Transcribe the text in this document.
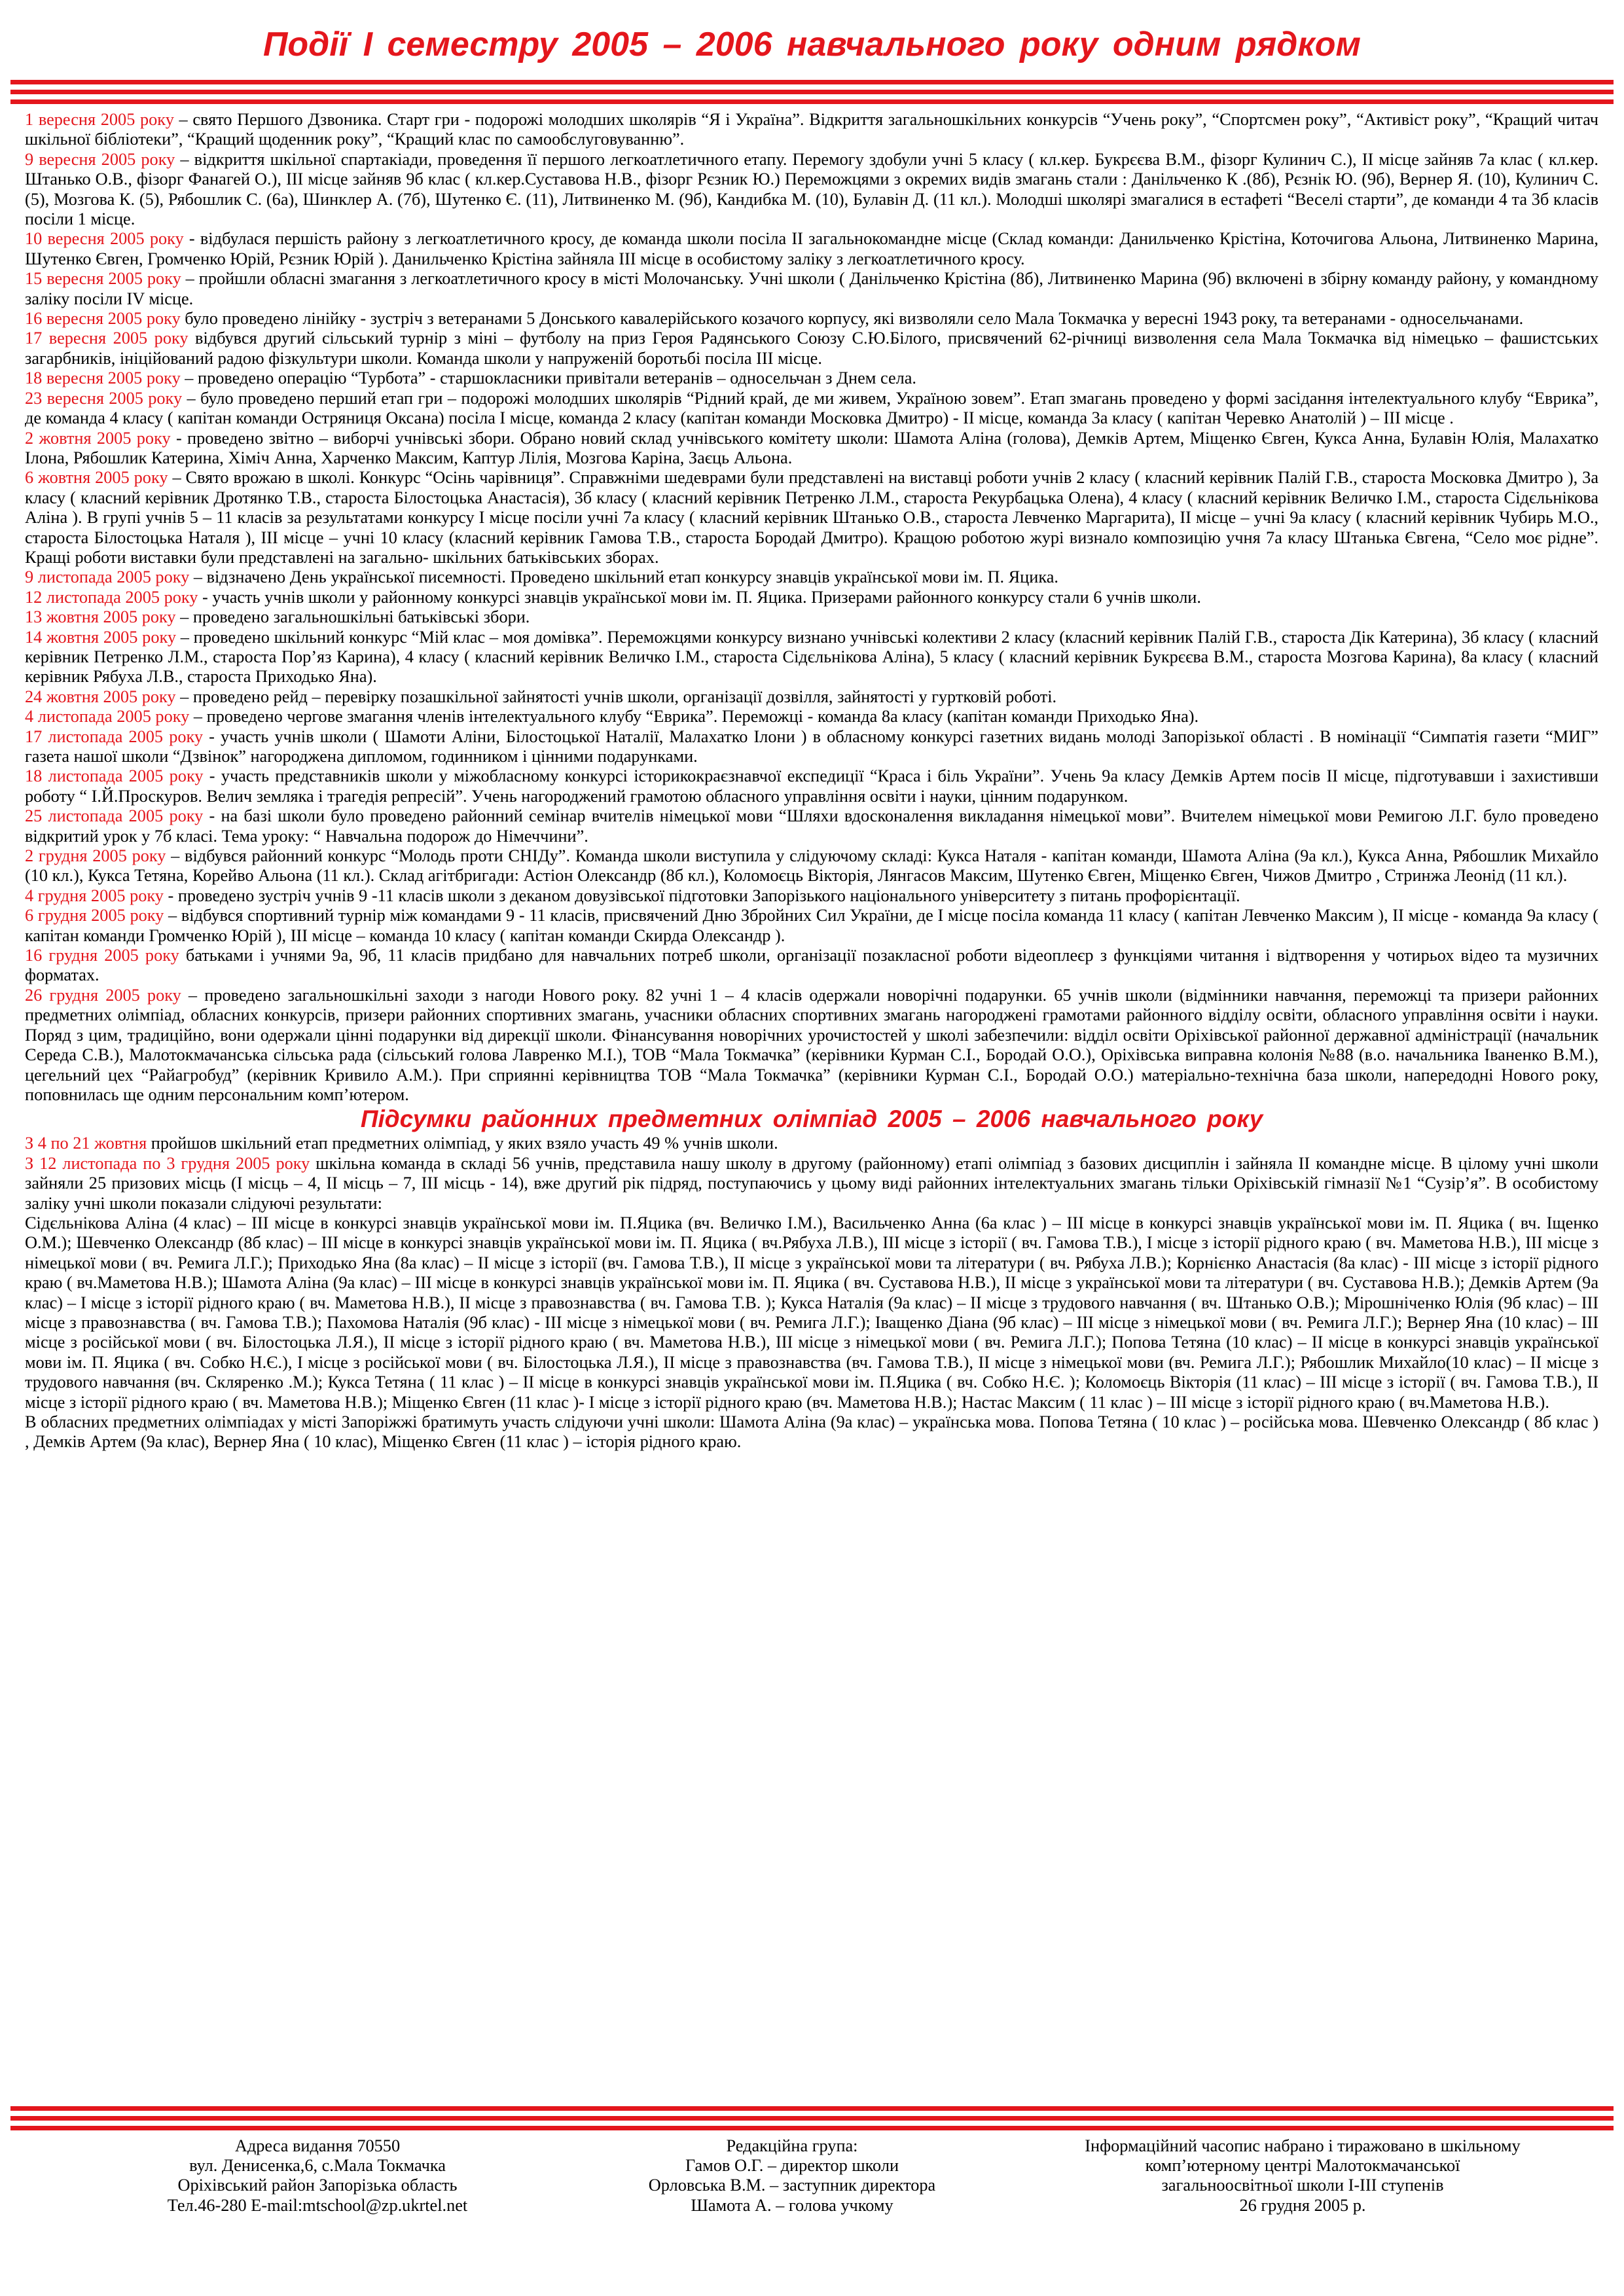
Події І семестру 2005 – 2006 навчального року одним рядком

1 вересня 2005 року – свято Першого Дзвоника. Старт гри - подорожі молодших школярів “Я і Україна”. Відкриття загальношкільних конкурсів “Учень року”, “Спортсмен року”, “Активіст року”, “Кращий читач шкільної бібліотеки”, “Кращий щоденник року”, “Кращий клас по самообслуговуванню”.

9 вересня 2005 року – відкриття шкільної спартакіади, проведення її першого легкоатлетичного етапу. Перемогу здобули учні 5 класу ( кл.кер. Букрєєва В.М., фізорг Кулинич С.), ІІ місце зайняв 7а клас ( кл.кер. Штанько О.В., фізорг Фанагей О.), ІІІ місце зайняв 9б клас ( кл.кер.Суставова Н.В., фізорг Рєзник Ю.) Переможцями з окремих видів змагань стали : Данільченко К .(8б), Рєзнік Ю. (9б), Вернер Я. (10), Кулинич С. (5), Мозгова К. (5), Рябошлик С. (6а), Шинклер А. (7б), Шутенко Є. (11), Литвиненко М. (9б), Кандибка М. (10), Булавін Д. (11 кл.). Молодші школярі змагалися в естафеті “Веселі старти”, де команди 4 та 3б класів посіли 1 місце.

10 вересня 2005 року - відбулася першість району з легкоатлетичного кросу, де команда школи посіла ІІ загальнокомандне місце (Склад команди: Данильченко Крістіна, Коточигова Альона, Литвиненко Марина, Шутенко Євген, Громченко Юрій, Рєзник Юрій ). Данильченко Крістіна зайняла ІІІ місце в особистому заліку з легкоатлетичного кросу.

15 вересня 2005 року – пройшли обласні змагання з легкоатлетичного кросу в місті Молочанську. Учні школи ( Данільченко Крістіна (8б), Литвиненко Марина (9б) включені в збірну команду району, у командному заліку посіли IV місце.

16 вересня 2005 року було проведено лінійку - зустріч з ветеранами 5 Донського кавалерійського козачого корпусу, які визволяли село Мала Токмачка у вересні 1943 року, та ветеранами - односельчанами.

17 вересня 2005 року відбувся другий сільський турнір з міні – футболу на приз Героя Радянського Союзу С.Ю.Білого, присвячений 62-річниці визволення села Мала Токмачка від німецько – фашистських загарбників, ініційований радою фізкультури школи. Команда школи у напруженій боротьбі посіла ІІІ місце.

18 вересня 2005 року – проведено операцію “Турбота” - старшокласники привітали ветеранів – односельчан з Днем села.

23 вересня 2005 року – було проведено перший етап гри – подорожі молодших школярів “Рідний край, де ми живем, Україною зовем”. Етап змагань проведено у формі засідання інтелектуального клубу “Еврика”, де команда 4 класу ( капітан команди Остряниця Оксана) посіла І місце, команда 2 класу (капітан команди Московка Дмитро) - ІІ місце, команда 3а класу ( капітан Черевко Анатолій ) – ІІІ місце .

2 жовтня 2005 року - проведено звітно – виборчі учнівські збори. Обрано новий склад учнівського комітету школи: Шамота Аліна (голова), Демків Артем, Міщенко Євген, Кукса Анна, Булавін Юлія, Малахатко Ілона, Рябошлик Катерина, Хіміч Анна, Харченко Максим, Каптур Лілія, Мозгова Каріна, Заєць Альона.

6 жовтня 2005 року – Свято врожаю в школі. Конкурс “Осінь чарівниця”. Справжніми шедеврами були представлені на виставці роботи учнів 2 класу ( класний керівник Палій Г.В., староста Московка Дмитро ), 3а класу ( класний керівник Дротянко Т.В., староста Білостоцька Анастасія), 3б класу ( класний керівник Петренко Л.М., староста Рекурбацька Олена), 4 класу ( класний керівник Величко І.М., староста Сідєльнікова Аліна ). В групі учнів 5 – 11 класів за результатами конкурсу І місце посіли учні 7а класу ( класний керівник Штанько О.В., староста Левченко Маргарита), ІІ місце – учні 9а класу ( класний керівник Чубирь М.О., староста Білостоцька Наталя ), ІІІ місце – учні 10 класу (класний керівник Гамова Т.В., староста Бородай Дмитро). Кращою роботою журі визнало композицію учня 7а класу Штанька Євгена, “Село моє рідне”. Кращі роботи виставки були представлені на загально- шкільних батьківських зборах.

9 листопада 2005 року – відзначено День української писемності. Проведено шкільний етап конкурсу знавців української мови ім. П. Яцика.

12 листопада 2005 року - участь учнів школи у районному конкурсі знавців української мови ім. П. Яцика. Призерами районного конкурсу стали 6 учнів школи.

13 жовтня 2005 року – проведено загальношкільні батьківські збори.

14 жовтня 2005 року – проведено шкільний конкурс “Мій клас – моя домівка”. Переможцями конкурсу визнано учнівські колективи 2 класу (класний керівник Палій Г.В., староста Дік Катерина), 3б класу ( класний керівник Петренко Л.М., староста Пор’яз Карина), 4 класу ( класний керівник Величко І.М., староста Сідєльнікова Аліна), 5 класу ( класний керівник Букрєєва В.М., староста Мозгова Карина), 8а класу ( класний керівник Рябуха Л.В., староста Приходько Яна).

24 жовтня 2005 року – проведено рейд – перевірку позашкільної зайнятості учнів школи, організації дозвілля, зайнятості у гуртковій роботі.

4 листопада 2005 року – проведено чергове змагання членів інтелектуального клубу “Еврика”. Переможці - команда 8а класу (капітан команди Приходько Яна).

17 листопада 2005 року - участь учнів школи ( Шамоти Аліни, Білостоцької Наталії, Малахатко Ілони ) в обласному конкурсі газетних видань молоді Запорізької області . В номінації “Симпатія газети “МИГ” газета нашої школи “Дзвінок” нагороджена дипломом, годинником і цінними подарунками.

18 листопада 2005 року - участь представників школи у міжобласному конкурсі історикокраєзнавчої експедиції “Краса і біль України”. Учень 9а класу Демків Артем посів ІІ місце, підготувавши і захистивши роботу “ І.Й.Проскуров. Велич земляка і трагедія репресій”. Учень нагороджений грамотою обласного управління освіти і науки, цінним подарунком.

25 листопада 2005 року - на базі школи було проведено районний семінар вчителів німецької мови “Шляхи вдосконалення викладання німецької мови”. Вчителем німецької мови Ремигою Л.Г. було проведено відкритий урок у 7б класі. Тема уроку: “ Навчальна подорож до Німеччини”.

2 грудня 2005 року – відбувся районний конкурс “Молодь проти СНІДу”. Команда школи виступила у слідуючому складі: Кукса Наталя - капітан команди, Шамота Аліна (9а кл.), Кукса Анна, Рябошлик Михайло (10 кл.), Кукса Тетяна, Корейво Альона (11 кл.). Склад агітбригади: Астіон Олександр (8б кл.), Коломоєць Вікторія, Лянгасов Максим, Шутенко Євген, Міщенко Євген, Чижов Дмитро , Стринжа Леонід (11 кл.).

4 грудня 2005 року - проведено зустріч учнів 9 -11 класів школи з деканом довузівської підготовки Запорізького національного університету з питань профорієнтації.

6 грудня 2005 року – відбувся спортивний турнір між командами 9 - 11 класів, присвячений Дню Збройних Сил України, де І місце посіла команда 11 класу ( капітан Левченко Максим ), ІІ місце - команда 9а класу ( капітан команди Громченко Юрій ), ІІІ місце – команда 10 класу ( капітан команди Скирда Олександр ).

16 грудня 2005 року батьками і учнями 9а, 9б, 11 класів придбано для навчальних потреб школи, організації позакласної роботи відеоплеєр з функціями читання і відтворення у чотирьох відео та музичних форматах.

26 грудня 2005 року – проведено загальношкільні заходи з нагоди Нового року. 82 учні 1 – 4 класів одержали новорічні подарунки. 65 учнів школи (відмінники навчання, переможці та призери районних предметних олімпіад, обласних конкурсів, призери районних спортивних змагань, учасники обласних спортивних змагань нагороджені грамотами районного відділу освіти, обласного управління освіти і науки. Поряд з цим, традиційно, вони одержали цінні подарунки від дирекції школи. Фінансування новорічних урочистостей у школі забезпечили: відділ освіти Оріхівської районної державної адміністрації (начальник Середа С.В.), Малотокмачанська сільська рада (сільський голова Лавренко М.І.), ТОВ “Мала Токмачка” (керівники Курман С.І., Бородай О.О.), Оріхівська виправна колонія №88 (в.о. начальника Іваненко В.М.), цегельний цех “Райагробуд” (керівник Кривило А.М.). При сприянні керівництва ТОВ “Мала Токмачка” (керівники Курман С.І., Бородай О.О.) матеріально-технічна база школи, напередодні Нового року, поповнилась ще одним персональним комп’ютером.

Підсумки районних предметних олімпіад 2005 – 2006 навчального року

З 4 по 21 жовтня пройшов шкільний етап предметних олімпіад, у яких взяло участь 49 % учнів школи.

З 12 листопада по 3 грудня 2005 року шкільна команда в складі 56 учнів, представила нашу школу в другому (районному) етапі олімпіад з базових дисциплін і зайняла ІІ командне місце. В цілому учні школи зайняли 25 призових місць (І місць – 4, ІІ місць – 7, ІІІ місць - 14), вже другий рік підряд, поступаючись у цьому виді районних інтелектуальних змагань тільки Оріхівській гімназії №1 “Сузір’я”. В особистому заліку учні школи показали слідуючі результати:

Сідєльнікова Аліна (4 клас) – ІІІ місце в конкурсі знавців української мови ім. П.Яцика (вч. Величко І.М.), Васильченко Анна (6а клас ) – ІІІ місце в конкурсі знавців української мови ім. П. Яцика ( вч. Іщенко О.М.); Шевченко Олександр (8б клас) – ІІІ місце в конкурсі знавців української мови ім. П. Яцика ( вч.Рябуха Л.В.), ІІІ місце з історії ( вч. Гамова Т.В.), І місце з історії рідного краю ( вч. Маметова Н.В.), ІІІ місце з німецької мови ( вч. Ремига Л.Г.); Приходько Яна (8а клас) – ІІ місце з історії (вч. Гамова Т.В.), ІІ місце з української мови та літератури ( вч. Рябуха Л.В.); Корнієнко Анастасія (8а клас) - ІІІ місце з історії рідного краю ( вч.Маметова Н.В.); Шамота Аліна (9а клас) – ІІІ місце в конкурсі знавців української мови ім. П. Яцика ( вч. Суставова Н.В.), ІІ місце з української мови та літератури ( вч. Суставова Н.В.); Демків Артем (9а клас) – І місце з історії рідного краю ( вч. Маметова Н.В.), ІІ місце з правознавства ( вч. Гамова Т.В. ); Кукса Наталія (9а клас) – ІІ місце з трудового навчання ( вч. Штанько О.В.); Мірошніченко Юлія (9б клас) – ІІІ місце з правознавства ( вч. Гамова Т.В.); Пахомова Наталія (9б клас) - ІІІ місце з німецької мови ( вч. Ремига Л.Г.); Іващенко Діана (9б клас) – ІІІ місце з німецької мови ( вч. Ремига Л.Г.); Вернер Яна (10 клас) – ІІІ місце з російської мови ( вч. Білостоцька Л.Я.), ІІ місце з історії рідного краю ( вч. Маметова Н.В.), ІІІ місце з німецької мови ( вч. Ремига Л.Г.); Попова Тетяна (10 клас) – ІІ місце в конкурсі знавців української мови ім. П. Яцика ( вч. Собко Н.Є.), І місце з російської мови ( вч. Білостоцька Л.Я.), ІІ місце з правознавства (вч. Гамова Т.В.), ІІ місце з німецької мови (вч. Ремига Л.Г.); Рябошлик Михайло(10 клас) – ІІ місце з трудового навчання (вч. Скляренко .М.); Кукса Тетяна ( 11 клас ) – ІІ місце в конкурсі знавців української мови ім. П.Яцика ( вч. Собко Н.Є. ); Коломоєць Вікторія (11 клас) – ІІІ місце з історії ( вч. Гамова Т.В.), ІІ місце з історії рідного краю ( вч. Маметова Н.В.); Міщенко Євген (11 клас )- І місце з історії рідного краю (вч. Маметова Н.В.); Настас Максим ( 11 клас ) – ІІІ місце з історії рідного краю ( вч.Маметова Н.В.).

В обласних предметних олімпіадах у місті Запоріжжі братимуть участь слідуючи учні школи: Шамота Аліна (9а клас) – українська мова. Попова Тетяна ( 10 клас ) – російська мова. Шевченко Олександр ( 8б клас ) , Демків Артем (9а клас), Вернер Яна ( 10 клас), Міщенко Євген (11 клас ) – історія рідного краю.

Адреса видання 70550
вул. Денисенка,6, с.Мала Токмачка
Оріхівський район Запорізька область
Тел.46-280 E-mail:mtschool@zp.ukrtel.net
Редакційна група:
Гамов О.Г. – директор школи
Орловська В.М. – заступник директора
Шамота А. – голова учкому
Інформаційний часопис набрано і тиражовано в шкільному
комп’ютерному центрі Малотокмачанської
загальноосвітньої школи І-ІІІ ступенів
26 грудня 2005 р.
